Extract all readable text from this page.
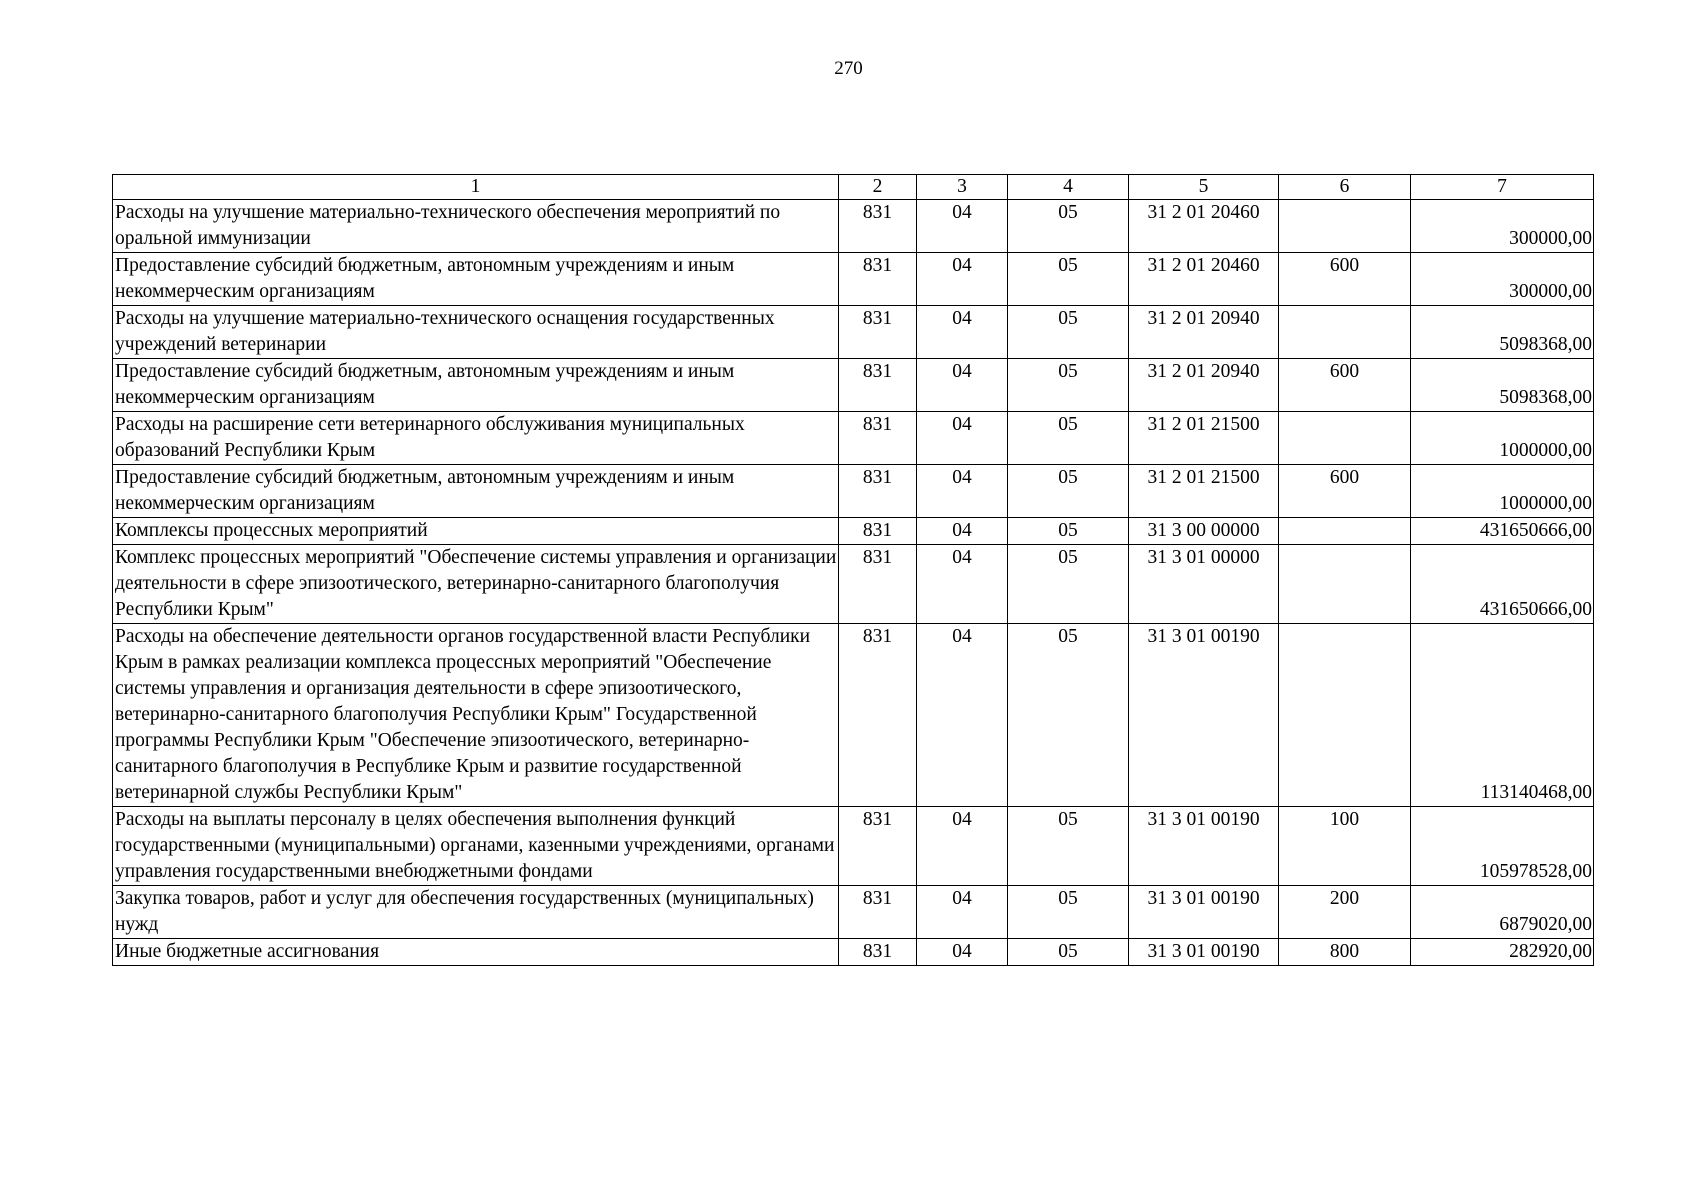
270
1	2	3	4	5	6	7
Расходы на улучшение материально-технического обеспечения мероприятий по оральной иммунизации	831	04	05	31 2 01 20460		300000,00
Предоставление субсидий бюджетным, автономным учреждениям и иным некоммерческим организациям	831	04	05	31 2 01 20460	600	300000,00
Расходы на улучшение материально-технического оснащения государственных учреждений ветеринарии	831	04	05	31 2 01 20940		5098368,00
Предоставление субсидий бюджетным, автономным учреждениям и иным некоммерческим организациям	831	04	05	31 2 01 20940	600	5098368,00
Расходы на расширение сети ветеринарного обслуживания муниципальных образований Республики Крым	831	04	05	31 2 01 21500		1000000,00
Предоставление субсидий бюджетным, автономным учреждениям и иным некоммерческим организациям	831	04	05	31 2 01 21500	600	1000000,00
Комплексы процессных мероприятий	831	04	05	31 3 00 00000		431650666,00
Комплекс процессных мероприятий "Обеспечение системы управления и организации деятельности в сфере эпизоотического, ветеринарно-санитарного благополучия Республики Крым"	831	04	05	31 3 01 00000		431650666,00
Расходы на обеспечение деятельности органов государственной власти Республики Крым в рамках реализации комплекса процессных мероприятий "Обеспечение системы управления и организация деятельности в сфере эпизоотического, ветеринарно-санитарного благополучия Республики Крым" Государственной программы Республики Крым "Обеспечение эпизоотического, ветеринарно-санитарного благополучия в Республике Крым и развитие государственной ветеринарной службы Республики Крым"	831	04	05	31 3 01 00190		113140468,00
Расходы на выплаты персоналу в целях обеспечения выполнения функций государственными (муниципальными) органами, казенными учреждениями, органами управления государственными внебюджетными фондами	831	04	05	31 3 01 00190	100	105978528,00
Закупка товаров, работ и услуг для обеспечения государственных (муниципальных) нужд	831	04	05	31 3 01 00190	200	6879020,00
Иные бюджетные ассигнования	831	04	05	31 3 01 00190	800	282920,00
